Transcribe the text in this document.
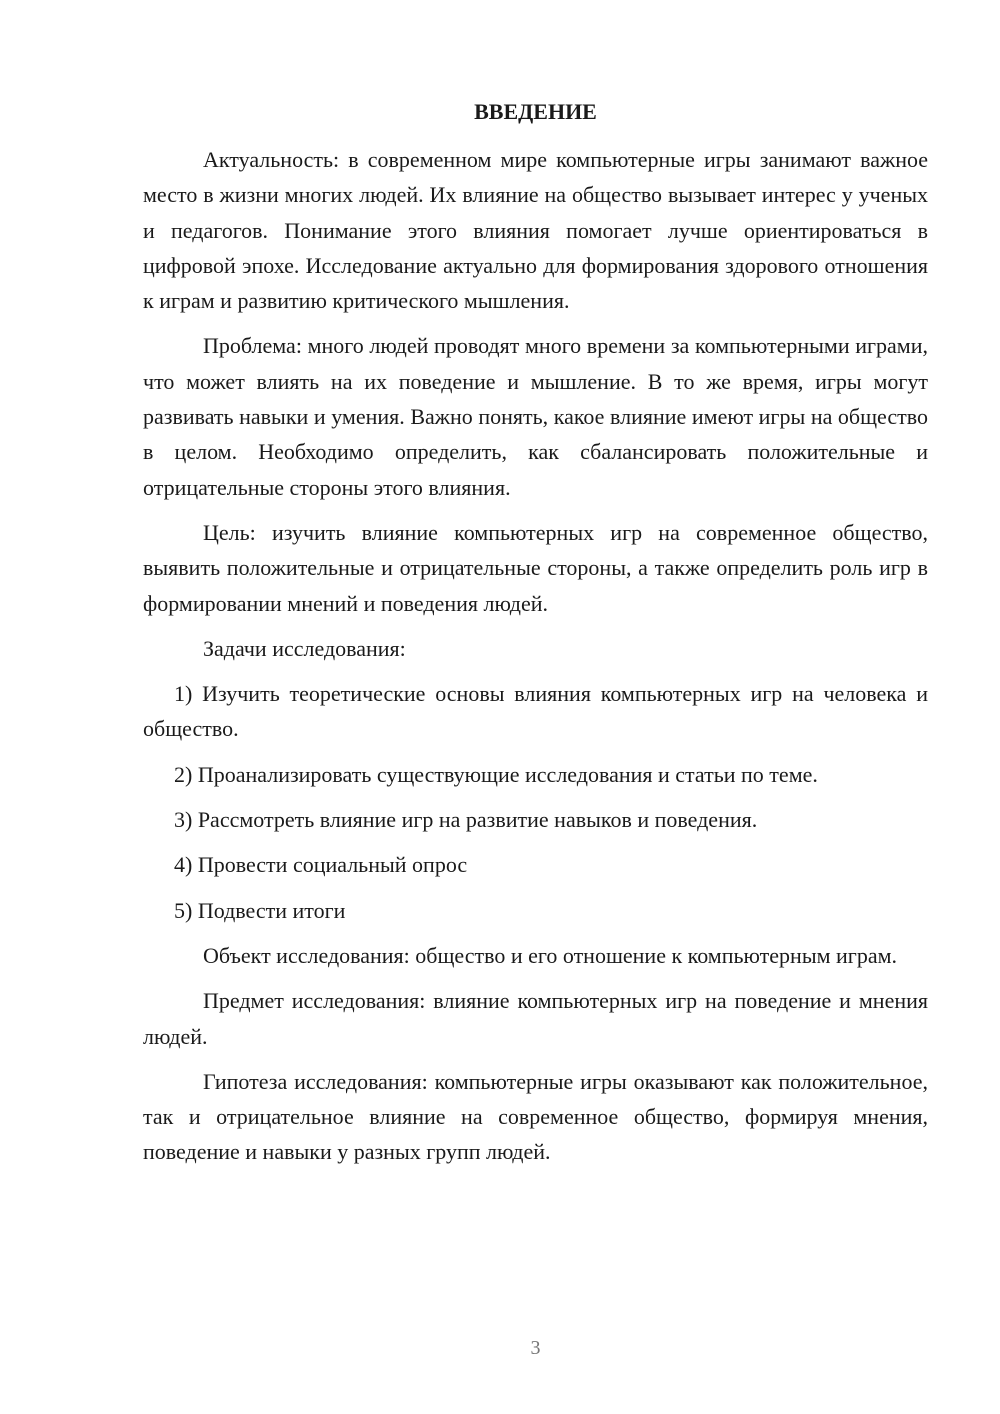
ВВЕДЕНИЕ

Актуальность: в современном мире компьютерные игры занимают важное место в жизни многих людей. Их влияние на общество вызывает интерес у ученых и педагогов. Понимание этого влияния помогает лучше ориентироваться в цифровой эпохе. Исследование актуально для формирования здорового отношения к играм и развитию критического мышления.

Проблема: много людей проводят много времени за компьютерными играми, что может влиять на их поведение и мышление. В то же время, игры могут развивать навыки и умения. Важно понять, какое влияние имеют игры на общество в целом. Необходимо определить, как сбалансировать положительные и отрицательные стороны этого влияния.

Цель: изучить влияние компьютерных игр на современное общество, выявить положительные и отрицательные стороны, а также определить роль игр в формировании мнений и поведения людей.

Задачи исследования:

1) Изучить теоретические основы влияния компьютерных игр на человека и общество.

2) Проанализировать существующие исследования и статьи по теме.

3) Рассмотреть влияние игр на развитие навыков и поведения.

4) Провести социальный опрос

5) Подвести итоги

Объект исследования: общество и его отношение к компьютерным играм.

Предмет исследования: влияние компьютерных игр на поведение и мнения людей.

Гипотеза исследования: компьютерные игры оказывают как положительное, так и отрицательное влияние на современное общество, формируя мнения, поведение и навыки у разных групп людей.

3
